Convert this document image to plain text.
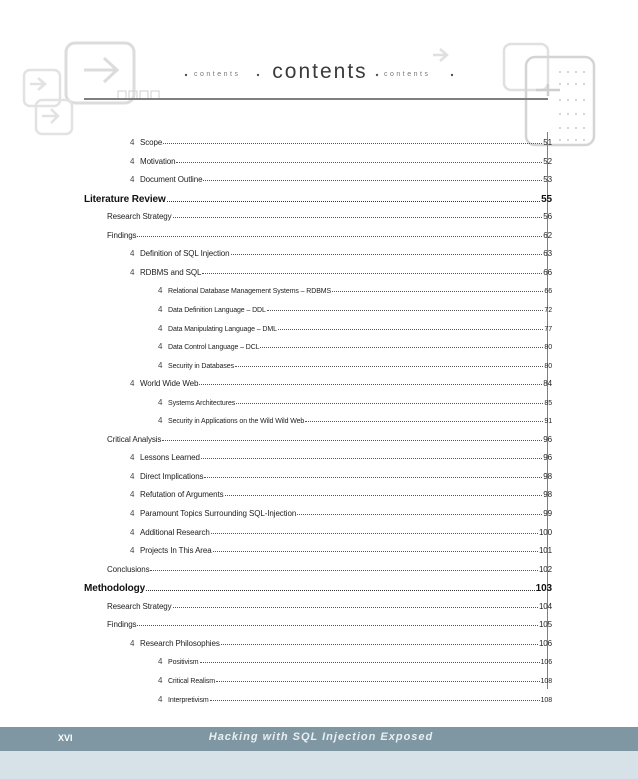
contents	contents	contents
4 Scope	51
4 Motivation	52
4 Document Outline	53
Literature Review	55
Research Strategy	56
Findings	62
4 Definition of SQL Injection	63
4 RDBMS and SQL	66
4 Relational Database Management Systems – RDBMS	66
4 Data Definition Language – DDL	72
4 Data Manipulating Language – DML	77
4 Data Control Language – DCL	80
4 Security in Databases	80
4 World Wide Web	84
4 Systems Architectures	85
4 Security in Applications on the Wild Wild Web	91
Critical Analysis	96
4 Lessons Learned	96
4 Direct Implications	98
4 Refutation of Arguments	98
4 Paramount Topics Surrounding SQL-Injection	99
4 Additional Research	100
4 Projects In This Area	101
Conclusions	102
Methodology	103
Research Strategy	104
Findings	105
4 Research Philosophies	106
4 Positivism	106
4 Critical Realism	108
4 Interpretivism	108
XVI	Hacking with SQL Injection Exposed
